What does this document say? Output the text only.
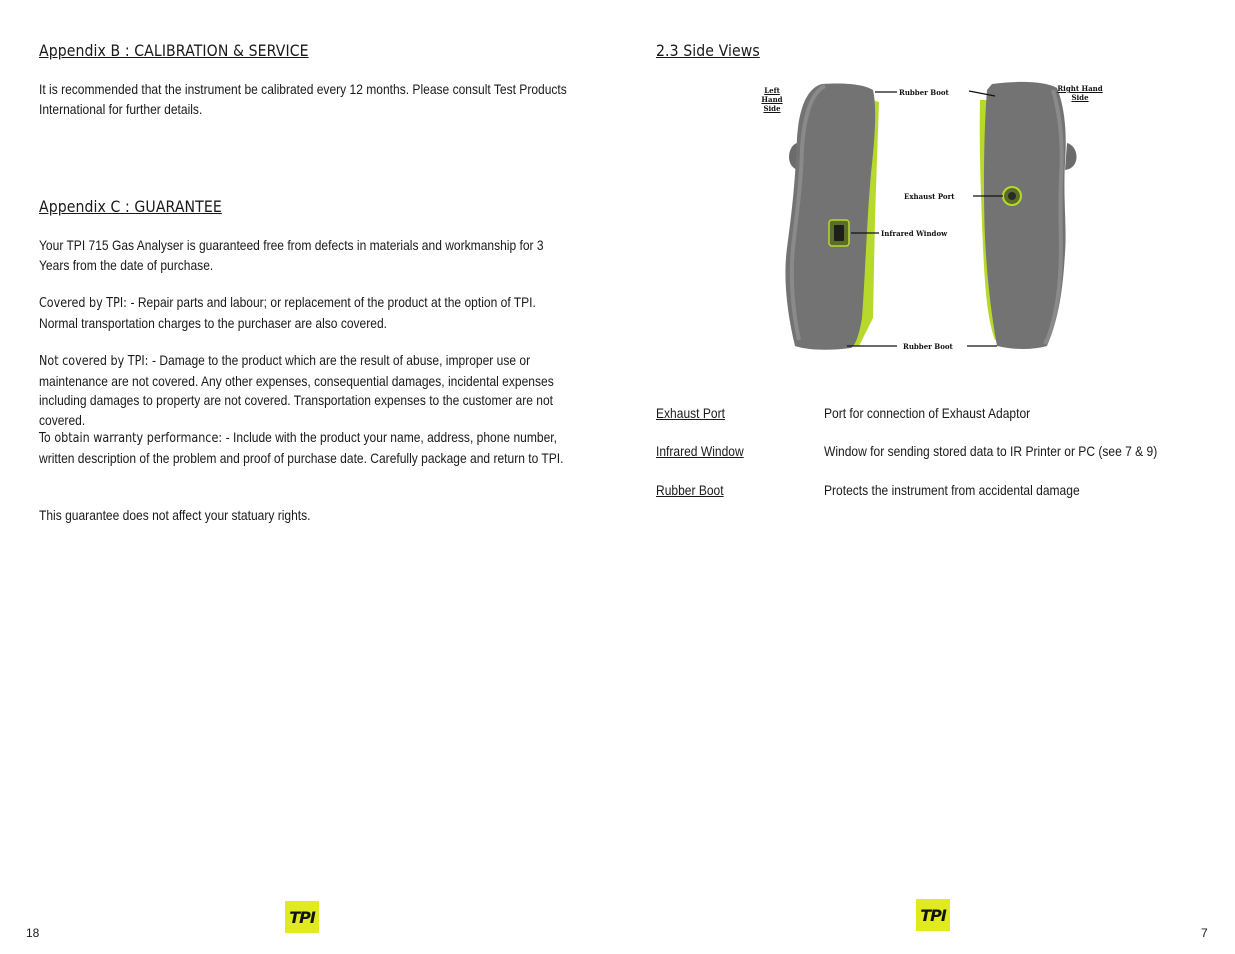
Appendix B : CALIBRATION & SERVICE

It is recommended that the instrument be calibrated every 12 months. Please consult Test Products International for further details.

Appendix C : GUARANTEE

Your TPI 715 Gas Analyser is guaranteed free from defects in materials and workmanship for 3 Years from the date of purchase.

Covered by TPI: - Repair parts and labour; or replacement of the product at the option of TPI. Normal transportation charges to the purchaser are also covered.

Not covered by TPI: - Damage to the product which are the result of abuse, improper use or maintenance are not covered. Any other expenses, consequential damages, incidental expenses including damages to property are not covered. Transportation expenses to the customer are not covered.

To obtain warranty performance: - Include with the product your name, address, phone number, written description of the problem and proof of purchase date. Carefully package and return to TPI.

This guarantee does not affect your statuary rights.

18
TPI
2.3 Side Views
Left Hand Side
Right Hand Side
Rubber Boot
Exhaust Port
Infrared Window
Rubber Boot
Exhaust Port	Port for connection of Exhaust Adaptor
Infrared Window	Window for sending stored data to IR Printer or PC (see 7 & 9)
Rubber Boot	Protects the instrument from accidental damage
TPI
7
